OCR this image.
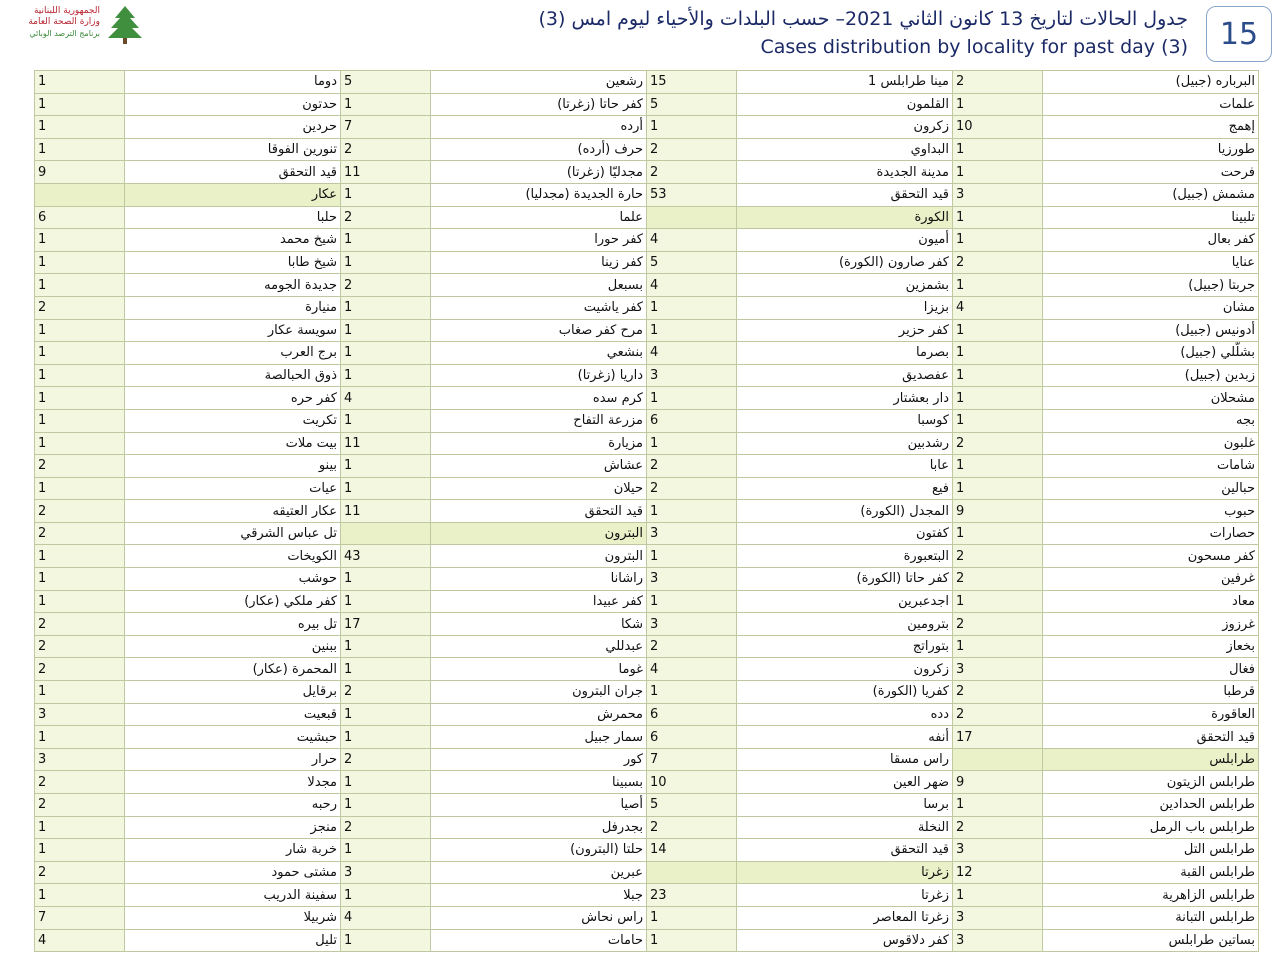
الجمهورية اللبنانية
وزارة الصحة العامة
برنامج الترصد الوبائي
جدول الحالات لتاريخ 13 كانون الثاني 2021– حسب البلدات والأحياء ليوم امس (3)
Cases distribution by locality for past day (3)	15
البرباره (جبيل)	2	مينا طرابلس 1	15	رشعين	5	دوما	1
علمات	1	القلمون	5	كفر حاتا (زغرتا)	1	حدتون	1
إهمج	10	زكرون	1	أرده	7	حردين	1
طورزيا	1	البداوي	2	حرف (أرده)	2	تنورين الفوقا	1
فرحت	1	مدينة الجديدة	2	مجدليّا (زغرتا)	11	قيد التحقق	9
مشمش (جبيل)	3	قيد التحقق	53	حارة الجديدة (مجدليا)	1	عكار	
تلبينا	1	الكورة		علما	2	حلبا	6
كفر بعال	1	أميون	4	كفر حورا	1	شيخ محمد	1
عنايا	2	كفر صارون (الكورة)	5	كفر زينا	1	شيخ طابا	1
جربتا (جبيل)	1	بشمزين	4	بسبعل	2	جديدة الجومه	1
مشان	4	بزيزا	1	كفر ياشيت	1	منيارة	2
أدونيس (جبيل)	1	كفر حزير	1	مرح كفر صغاب	1	سويسة عكار	1
بشلّلي (جبيل)	1	بصرما	4	بنشعي	1	برج العرب	1
زبدين (جبيل)	1	عفصديق	3	داريا (زغرتا)	1	ذوق الحبالصة	1
مشحلان	1	دار بعشتار	1	كرم سده	4	كفر حره	1
بجه	1	كوسبا	6	مزرعة التفاح	1	تكريت	1
غلبون	2	رشدبين	1	مزيارة	11	بيت ملات	1
شامات	1	عابا	2	عشاش	1	بينو	2
حبالين	1	فيع	2	حيلان	1	عيات	1
حبوب	9	المجدل (الكورة)	1	قيد التحقق	11	عكار العتيقه	2
حصارات	1	كفتون	3	البترون		تل عباس الشرقي	2
كفر مسحون	2	البتعبورة	1	البترون	43	الكويخات	1
غرفين	2	كفر حاتا (الكورة)	3	راشانا	1	حوشب	1
معاد	1	اجدعبرين	1	كفر عبيدا	1	كفر ملكي (عكار)	1
غرزوز	2	بترومين	3	شكا	17	تل بيره	2
بخعاز	1	بتوراتج	2	عبدللي	1	ببنين	2
فغال	3	زكرون	4	غوما	1	المحمرة (عكار)	2
قرطبا	2	كفريا (الكورة)	1	جران البترون	2	برقايل	1
العاقورة	2	دده	6	محمرش	1	قبعيت	3
قيد التحقق	17	أنفه	6	سمار جبيل	1	حبشيت	1
طرابلس		راس مسقا	7	كور	2	حرار	3
طرابلس الزيتون	9	ضهر العين	10	بسبينا	1	مجدلا	2
طرابلس الحدادين	1	برسا	5	أصيا	1	رحبه	2
طرابلس باب الرمل	2	النخلة	2	بجدرفل	2	منجز	1
طرابلس التل	3	قيد التحقق	14	حلتا (البترون)	1	خربة شار	1
طرابلس القبة	12	زغرتا		عبرين	3	مشتى حمود	2
طرابلس الزاهرية	1	زغرتا	23	جبلا	1	سفينة الدريب	1
طرابلس التبانة	3	زغرتا المعاصر	1	راس نحاش	4	شربيلا	7
بساتين طرابلس	3	كفر دلاقوس	1	حامات	1	تليل	4
